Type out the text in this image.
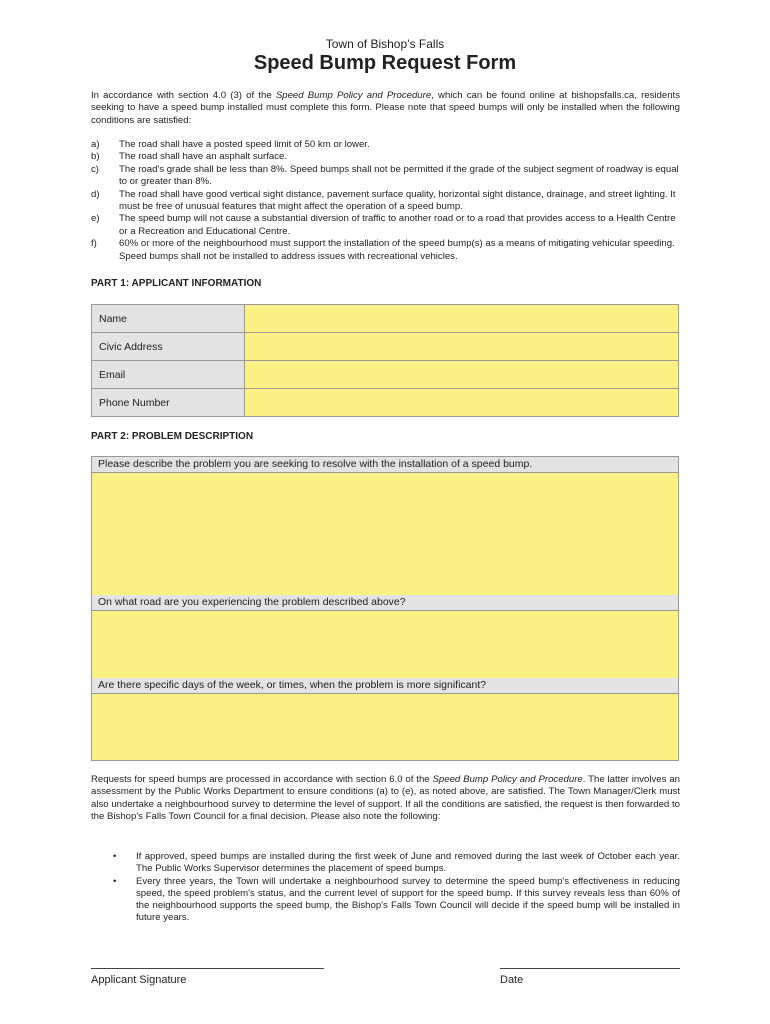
Town of Bishop’s Falls
Speed Bump Request Form
In accordance with section 4.0 (3) of the Speed Bump Policy and Procedure, which can be found online at bishopsfalls.ca, residents seeking to have a speed bump installed must complete this form. Please note that speed bumps will only be installed when the following conditions are satisfied:
a)	The road shall have a posted speed limit of 50 km or lower.
b)	The road shall have an asphalt surface.
c)	The road's grade shall be less than 8%. Speed bumps shall not be permitted if the grade of the subject segment of roadway is equal to or greater than 8%.
d)	The road shall have good vertical sight distance, pavement surface quality, horizontal sight distance, drainage, and street lighting. It must be free of unusual features that might affect the operation of a speed bump.
e)	The speed bump will not cause a substantial diversion of traffic to another road or to a road that provides access to a Health Centre or a Recreation and Educational Centre.
f)	60% or more of the neighbourhood must support the installation of the speed bump(s) as a means of mitigating vehicular speeding. Speed bumps shall not be installed to address issues with recreational vehicles.
PART 1: APPLICANT INFORMATION
Name	
Civic Address	
Email	
Phone Number	
PART 2: PROBLEM DESCRIPTION
Please describe the problem you are seeking to resolve with the installation of a speed bump.
On what road are you experiencing the problem described above?
Are there specific days of the week, or times, when the problem is more significant?
Requests for speed bumps are processed in accordance with section 6.0 of the Speed Bump Policy and Procedure. The latter involves an assessment by the Public Works Department to ensure conditions (a) to (e), as noted above, are satisfied. The Town Manager/Clerk must also undertake a neighbourhood survey to determine the level of support. If all the conditions are satisfied, the request is then forwarded to the Bishop's Falls Town Council for a final decision. Please also note the following:
•	If approved, speed bumps are installed during the first week of June and removed during the last week of October each year. The Public Works Supervisor determines the placement of speed bumps.
•	Every three years, the Town will undertake a neighbourhood survey to determine the speed bump's effectiveness in reducing speed, the speed problem's status, and the current level of support for the speed bump. If this survey reveals less than 60% of the neighbourhood supports the speed bump, the Bishop's Falls Town Council will decide if the speed bump will be installed in future years.
Applicant Signature	Date
